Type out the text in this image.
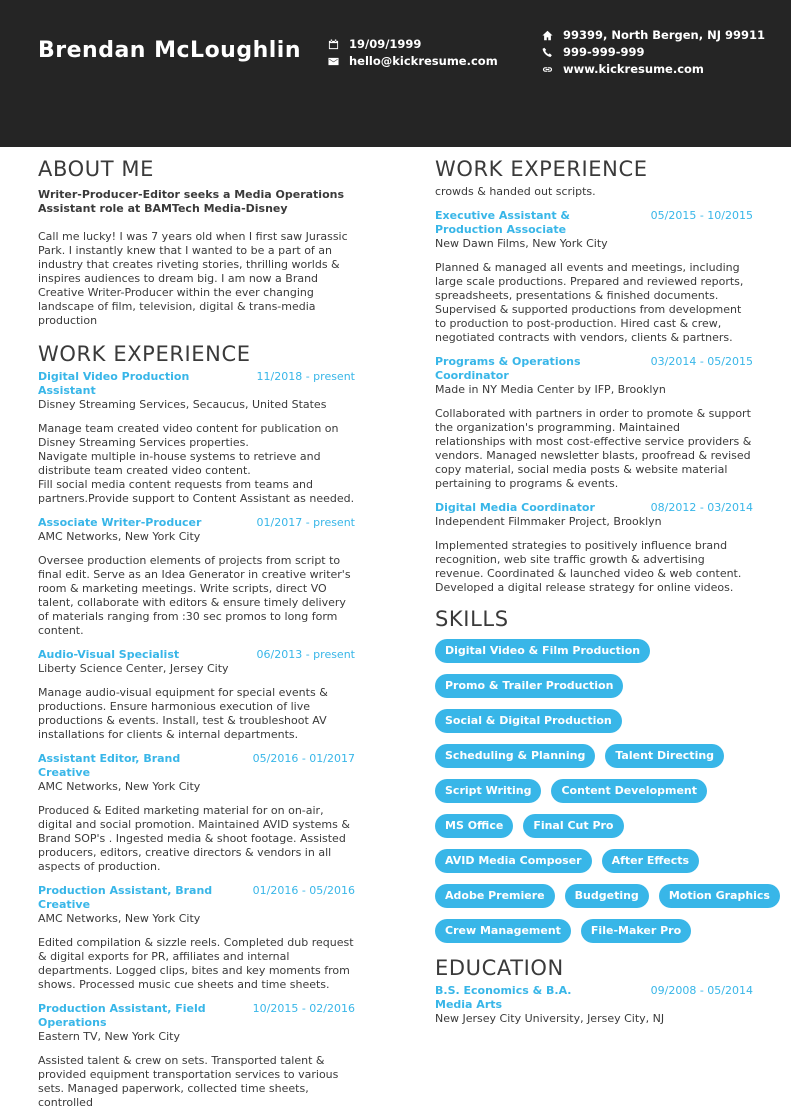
Brendan McLoughlin	19/09/1999
hello@kickresume.com
99399, North Bergen, NJ 99911
999-999-999
www.kickresume.com
ABOUT ME
Writer-Producer-Editor seeks a Media Operations Assistant role at BAMTech Media-Disney
Call me lucky! I was 7 years old when I first saw Jurassic Park. I instantly knew that I wanted to be a part of an industry that creates riveting stories, thrilling worlds & inspires audiences to dream big. I am now a Brand Creative Writer-Producer within the ever changing landscape of film, television, digital & trans-media production
WORK EXPERIENCE
Digital Video Production Assistant
11/2018 - present
Disney Streaming Services, Secaucus, United States
Manage team created video content for publication on Disney Streaming Services properties.
Navigate multiple in-house systems to retrieve and distribute team created video content.
Fill social media content requests from teams and partners.Provide support to Content Assistant as needed.
Associate Writer-Producer	01/2017 - present
AMC Networks, New York City
Oversee production elements of projects from script to final edit. Serve as an Idea Generator in creative writer's room & marketing meetings. Write scripts, direct VO talent, collaborate with editors & ensure timely delivery of materials ranging from :30 sec promos to long form content.
Audio-Visual Specialist	06/2013 - present
Liberty Science Center, Jersey City
Manage audio-visual equipment for special events & productions. Ensure harmonious execution of live productions & events. Install, test & troubleshoot AV installations for clients & internal departments.
Assistant Editor, Brand Creative
05/2016 - 01/2017
AMC Networks, New York City
Produced & Edited marketing material for on on-air, digital and social promotion. Maintained AVID systems & Brand SOP's . Ingested media & shoot footage. Assisted producers, editors, creative directors & vendors in all aspects of production.
Production Assistant, Brand Creative
01/2016 - 05/2016
AMC Networks, New York City
Edited compilation & sizzle reels. Completed dub request & digital exports for PR, affiliates and internal departments. Logged clips, bites and key moments from shows. Processed music cue sheets and time sheets.
Production Assistant, Field Operations
10/2015 - 02/2016
Eastern TV, New York City
Assisted talent & crew on sets. Transported talent & provided equipment transportation services to various sets. Managed paperwork, collected time sheets, controlled
WORK EXPERIENCE
crowds & handed out scripts.
Executive Assistant & Production Associate
05/2015 - 10/2015
New Dawn Films, New York City
Planned & managed all events and meetings, including large scale productions. Prepared and reviewed reports, spreadsheets, presentations & finished documents. Supervised & supported productions from development to production to post-production. Hired cast & crew, negotiated contracts with vendors, clients & partners.
Programs & Operations Coordinator
03/2014 - 05/2015
Made in NY Media Center by IFP, Brooklyn
Collaborated with partners in order to promote & support the organization's programming. Maintained relationships with most cost-effective service providers & vendors. Managed newsletter blasts, proofread & revised copy material, social media posts & website material pertaining to programs & events.
Digital Media Coordinator	08/2012 - 03/2014
Independent Filmmaker Project, Brooklyn
Implemented strategies to positively influence brand recognition, web site traffic growth & advertising revenue. Coordinated & launched video & web content. Developed a digital release strategy for online videos.
SKILLS
Digital Video & Film Production
Promo & Trailer Production
Social & Digital Production
Scheduling & Planning	Talent Directing
Script Writing	Content Development
MS Office	Final Cut Pro
AVID Media Composer	After Effects
Adobe Premiere	Budgeting	Motion Graphics
Crew Management	File-Maker Pro
EDUCATION
B.S. Economics & B.A. Media Arts
09/2008 - 05/2014
New Jersey City University, Jersey City, NJ
